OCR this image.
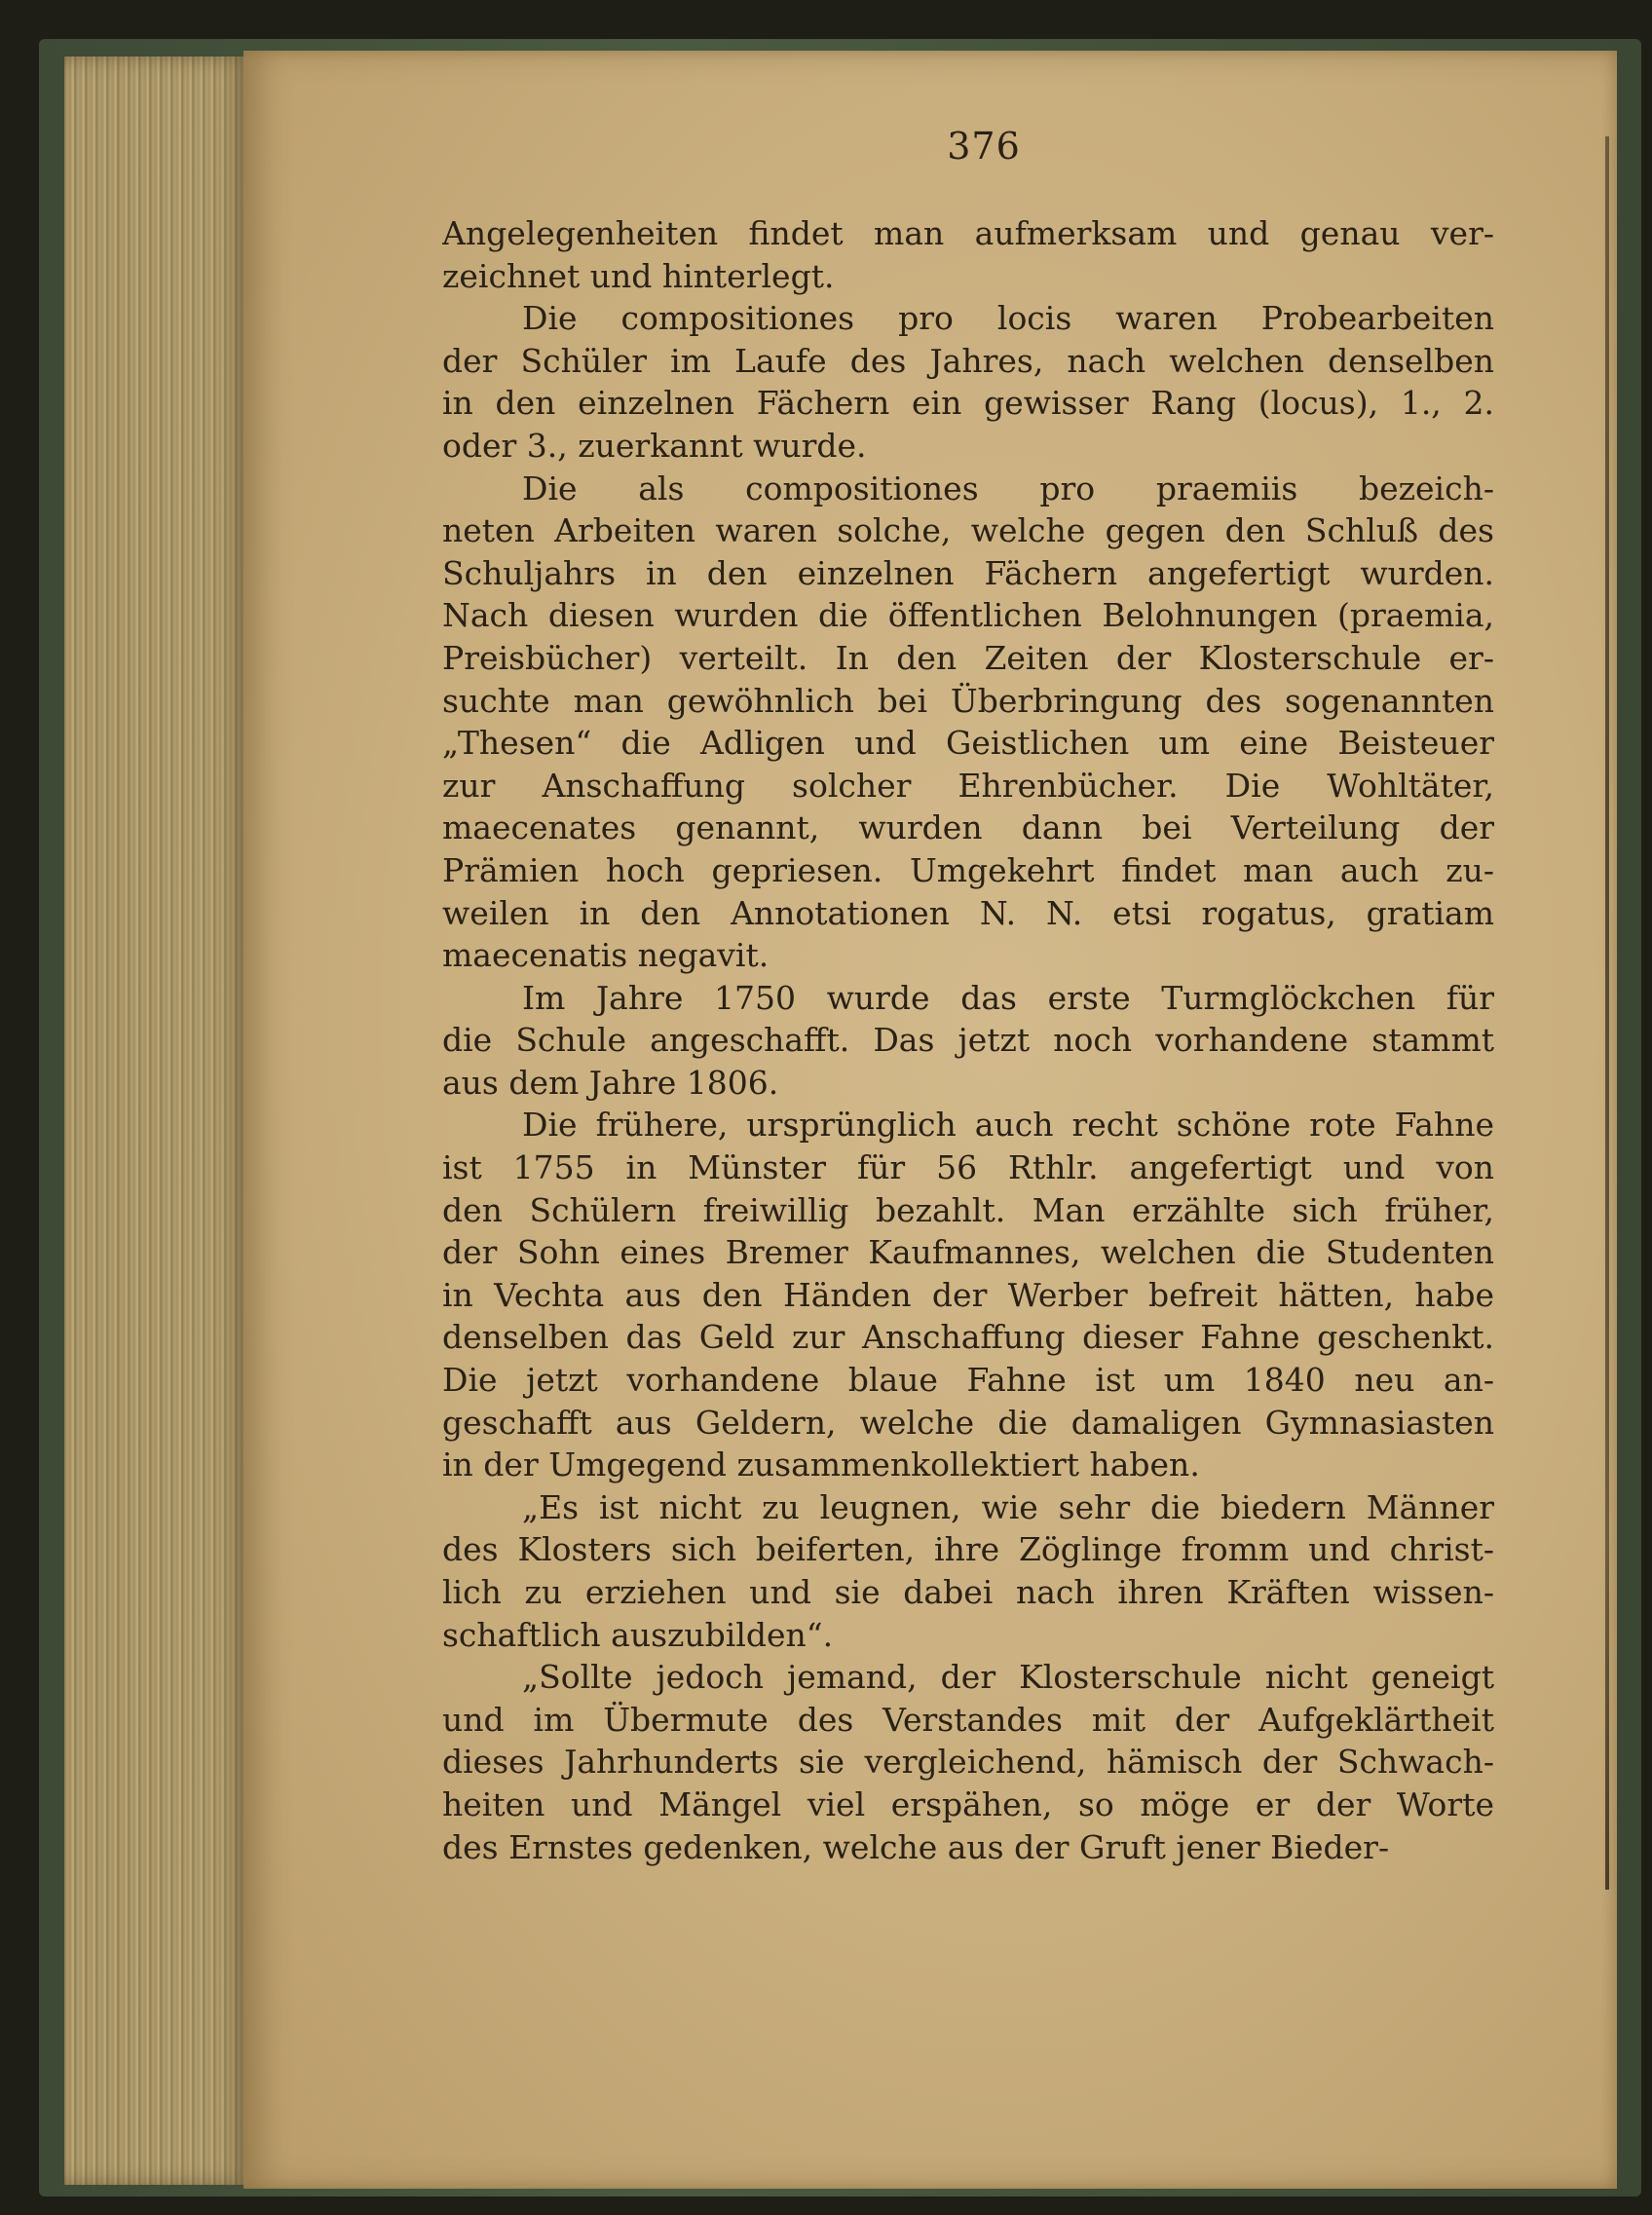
376
Angelegenheiten findet man aufmerksam und genau ver-
zeichnet und hinterlegt.
Die compositiones pro locis waren Probearbeiten
der Schüler im Laufe des Jahres, nach welchen denselben
in den einzelnen Fächern ein gewisser Rang (locus), 1., 2.
oder 3., zuerkannt wurde.
Die als compositiones pro praemiis bezeich-
neten Arbeiten waren solche, welche gegen den Schluß des
Schuljahrs in den einzelnen Fächern angefertigt wurden.
Nach diesen wurden die öffentlichen Belohnungen (praemia,
Preisbücher) verteilt. In den Zeiten der Klosterschule er-
suchte man gewöhnlich bei Überbringung des sogenannten
„Thesen“ die Adligen und Geistlichen um eine Beisteuer
zur Anschaffung solcher Ehrenbücher. Die Wohltäter,
maecenates genannt, wurden dann bei Verteilung der
Prämien hoch gepriesen. Umgekehrt findet man auch zu-
weilen in den Annotationen N. N. etsi rogatus, gratiam
maecenatis negavit.
Im Jahre 1750 wurde das erste Turmglöckchen für
die Schule angeschafft. Das jetzt noch vorhandene stammt
aus dem Jahre 1806.
Die frühere, ursprünglich auch recht schöne rote Fahne
ist 1755 in Münster für 56 Rthlr. angefertigt und von
den Schülern freiwillig bezahlt. Man erzählte sich früher,
der Sohn eines Bremer Kaufmannes, welchen die Studenten
in Vechta aus den Händen der Werber befreit hätten, habe
denselben das Geld zur Anschaffung dieser Fahne geschenkt.
Die jetzt vorhandene blaue Fahne ist um 1840 neu an-
geschafft aus Geldern, welche die damaligen Gymnasiasten
in der Umgegend zusammenkollektiert haben.
„Es ist nicht zu leugnen, wie sehr die biedern Männer
des Klosters sich beiferten, ihre Zöglinge fromm und christ-
lich zu erziehen und sie dabei nach ihren Kräften wissen-
schaftlich auszubilden“.
„Sollte jedoch jemand, der Klosterschule nicht geneigt
und im Übermute des Verstandes mit der Aufgeklärtheit
dieses Jahrhunderts sie vergleichend, hämisch der Schwach-
heiten und Mängel viel erspähen, so möge er der Worte
des Ernstes gedenken, welche aus der Gruft jener Bieder-
